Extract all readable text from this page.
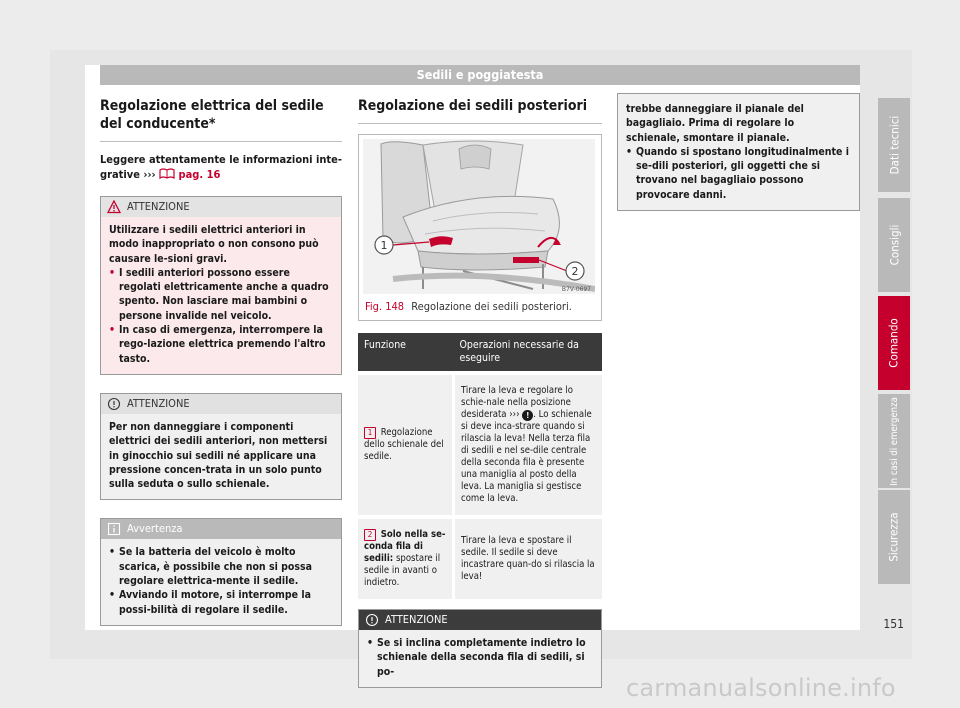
Sedili e poggiatesta
Regolazione elettrica del sedile del conducente*

Leggere attentamente le informazioni inte-grative ››› pag. 16

ATTENZIONE

Utilizzare i sedili elettrici anteriori in modo inappropriato o non consono può causare le-sioni gravi.

• I sedili anteriori possono essere regolati elettricamente anche a quadro spento. Non lasciare mai bambini o persone invalide nel veicolo.
• In caso di emergenza, interrompere la rego-lazione elettrica premendo l'altro tasto.
ATTENZIONE

Per non danneggiare i componenti elettrici dei sedili anteriori, non mettersi in ginocchio sui sedili né applicare una pressione concen-trata in un solo punto sulla seduta o sullo schienale.

Avvertenza
• Se la batteria del veicolo è molto scarica, è possibile che non si possa regolare elettrica-mente il sedile.
• Avviando il motore, si interrompe la possi-bilità di regolare il sedile.
Regolazione dei sedili posteriori
1
2
B7V-0697
Fig. 148 Regolazione dei sedili posteriori.
Funzione	Operazioni necessarie da eseguire
1 Regolazione dello schienale del sedile.	Tirare la leva e regolare lo schie-nale nella posizione desiderata ››› ! . Lo schienale si deve inca-strare quando si rilascia la leva! Nella terza fila di sedili e nel se-dile centrale della seconda fila è presente una maniglia al posto della leva. La maniglia si gestisce come la leva.
2 Solo nella se-conda fila di sedili: spostare il sedile in avanti o indietro.	Tirare la leva e spostare il sedile. Il sedile si deve incastrare quan-do si rilascia la leva!
ATTENZIONE
• Se si inclina completamente indietro lo schienale della seconda fila di sedili, si po-

trebbe danneggiare il pianale del bagagliaio. Prima di regolare lo schienale, smontare il pianale.

• Quando si spostano longitudinalmente i se-dili posteriori, gli oggetti che si trovano nel bagagliaio possono provocare danni.
Dati tecnici
Consigli
Comando
In casi di emergenza
Sicurezza
151
carmanualsonline.info
